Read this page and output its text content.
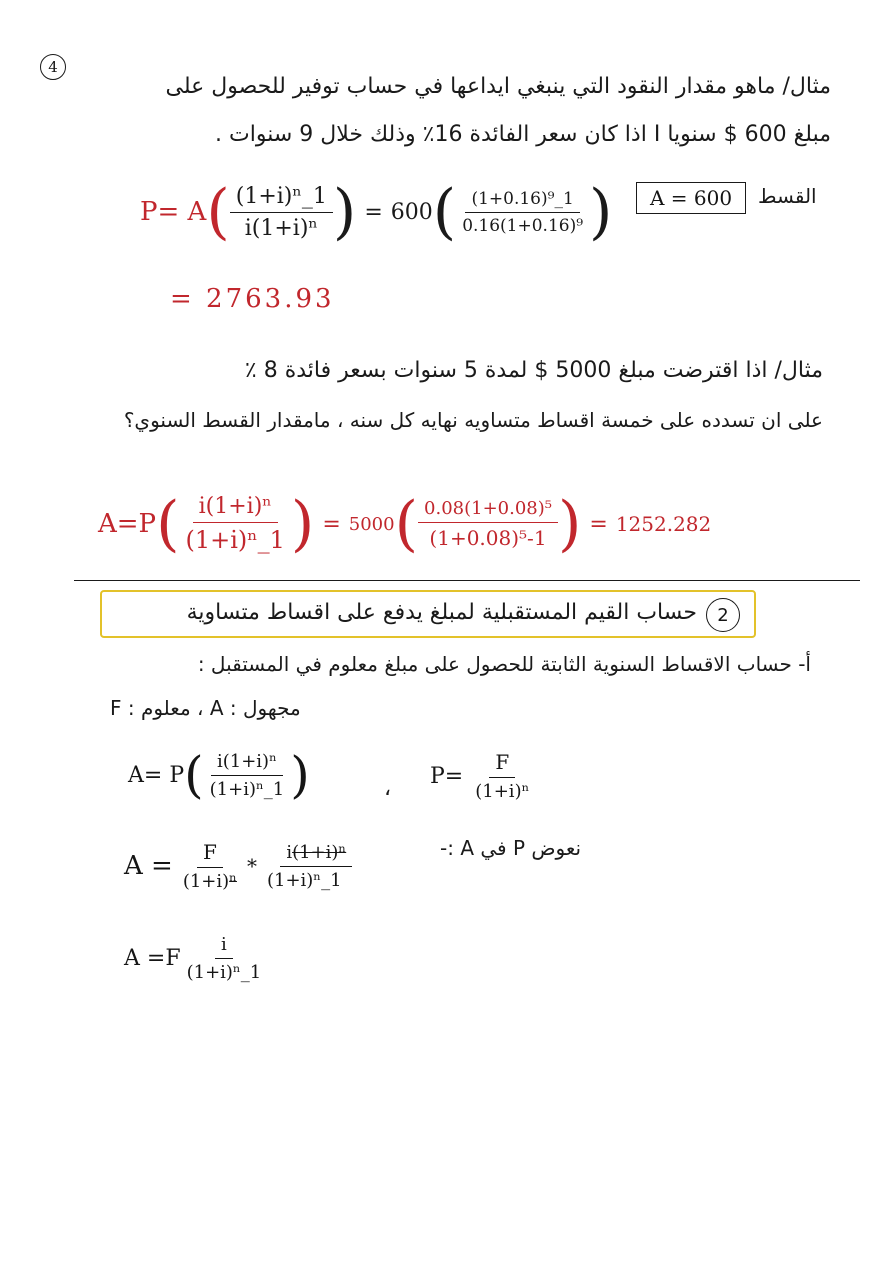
4
مثال/ ماهو مقدار النقود التي ينبغي ايداعها في حساب توفير للحصول على
مبلغ 600 $ سنويا I اذا كان سعر الفائدة 16٪ وذلك خلال 9 سنوات .
P= A ( $\frac{\text{(1+i)ⁿ\_1}}{\text{i(1+i)ⁿ}}$ ) = 600 ( $\frac{\text{(1+0.16)⁹\_1}}{\text{0.16(1+0.16)⁹}}$ )	A = 600	القسط
= 2763.93
مثال/ اذا اقترضت مبلغ 5000 $ لمدة 5 سنوات بسعر فائدة 8 ٪
على ان تسدده على خمسة اقساط متساويه نهايه كل سنه ، مامقدار القسط السنوي؟
A=P ( $\frac{\text{i(1+i)ⁿ}}{\text{(1+i)ⁿ\_1}}$ ) = 5000 ( $\frac{\text{0.08(1+0.08)⁵}}{\text{(1+0.08)⁵-1}}$ ) = 1252.282
2
حساب القيم المستقبلية لمبلغ يدفع على اقساط متساوية
أ- حساب الاقساط السنوية الثابتة للحصول على مبلغ معلوم في المستقبل :
مجهول : A ، معلوم : F
A= P ( $\frac{\text{i(1+i)ⁿ}}{\text{(1+i)ⁿ\_1}}$ )	، $P= \frac{F}{\text{(1+i)ⁿ}}$
نعوض P في A :-
$A = \frac{F}{\text{(1+i)ⁿ}} * \frac{\text{i(1+i)ⁿ}}{\text{(1+i)ⁿ\_1}}$
$A =F \frac{i}{\text{(1+i)ⁿ\_1}}$
